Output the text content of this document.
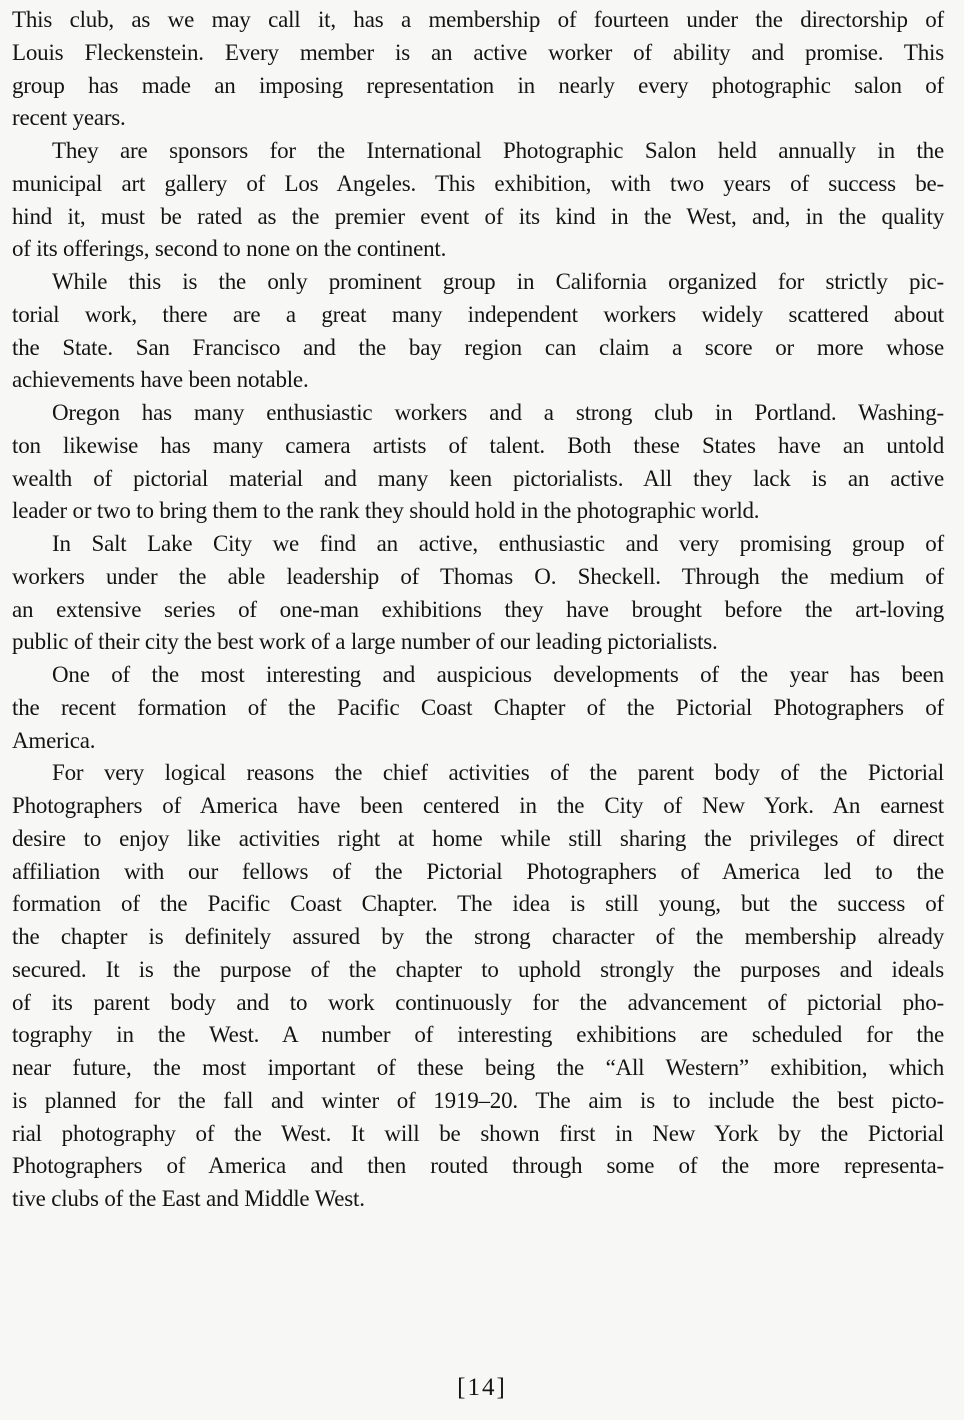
This club, as we may call it, has a membership of fourteen under the directorship of
Louis Fleckenstein. Every member is an active worker of ability and promise. This
group has made an imposing representation in nearly every photographic salon of
recent years.
They are sponsors for the International Photographic Salon held annually in the
municipal art gallery of Los Angeles. This exhibition, with two years of success be-
hind it, must be rated as the premier event of its kind in the West, and, in the quality
of its offerings, second to none on the continent.
While this is the only prominent group in California organized for strictly pic-
torial work, there are a great many independent workers widely scattered about
the State. San Francisco and the bay region can claim a score or more whose
achievements have been notable.
Oregon has many enthusiastic workers and a strong club in Portland. Washing-
ton likewise has many camera artists of talent. Both these States have an untold
wealth of pictorial material and many keen pictorialists. All they lack is an active
leader or two to bring them to the rank they should hold in the photographic world.
In Salt Lake City we find an active, enthusiastic and very promising group of
workers under the able leadership of Thomas O. Sheckell. Through the medium of
an extensive series of one-man exhibitions they have brought before the art-loving
public of their city the best work of a large number of our leading pictorialists.
One of the most interesting and auspicious developments of the year has been
the recent formation of the Pacific Coast Chapter of the Pictorial Photographers of
America.
For very logical reasons the chief activities of the parent body of the Pictorial
Photographers of America have been centered in the City of New York. An earnest
desire to enjoy like activities right at home while still sharing the privileges of direct
affiliation with our fellows of the Pictorial Photographers of America led to the
formation of the Pacific Coast Chapter. The idea is still young, but the success of
the chapter is definitely assured by the strong character of the membership already
secured. It is the purpose of the chapter to uphold strongly the purposes and ideals
of its parent body and to work continuously for the advancement of pictorial pho-
tography in the West. A number of interesting exhibitions are scheduled for the
near future, the most important of these being the “All Western” exhibition, which
is planned for the fall and winter of 1919–20. The aim is to include the best picto-
rial photography of the West. It will be shown first in New York by the Pictorial
Photographers of America and then routed through some of the more representa-
tive clubs of the East and Middle West.
[14]
